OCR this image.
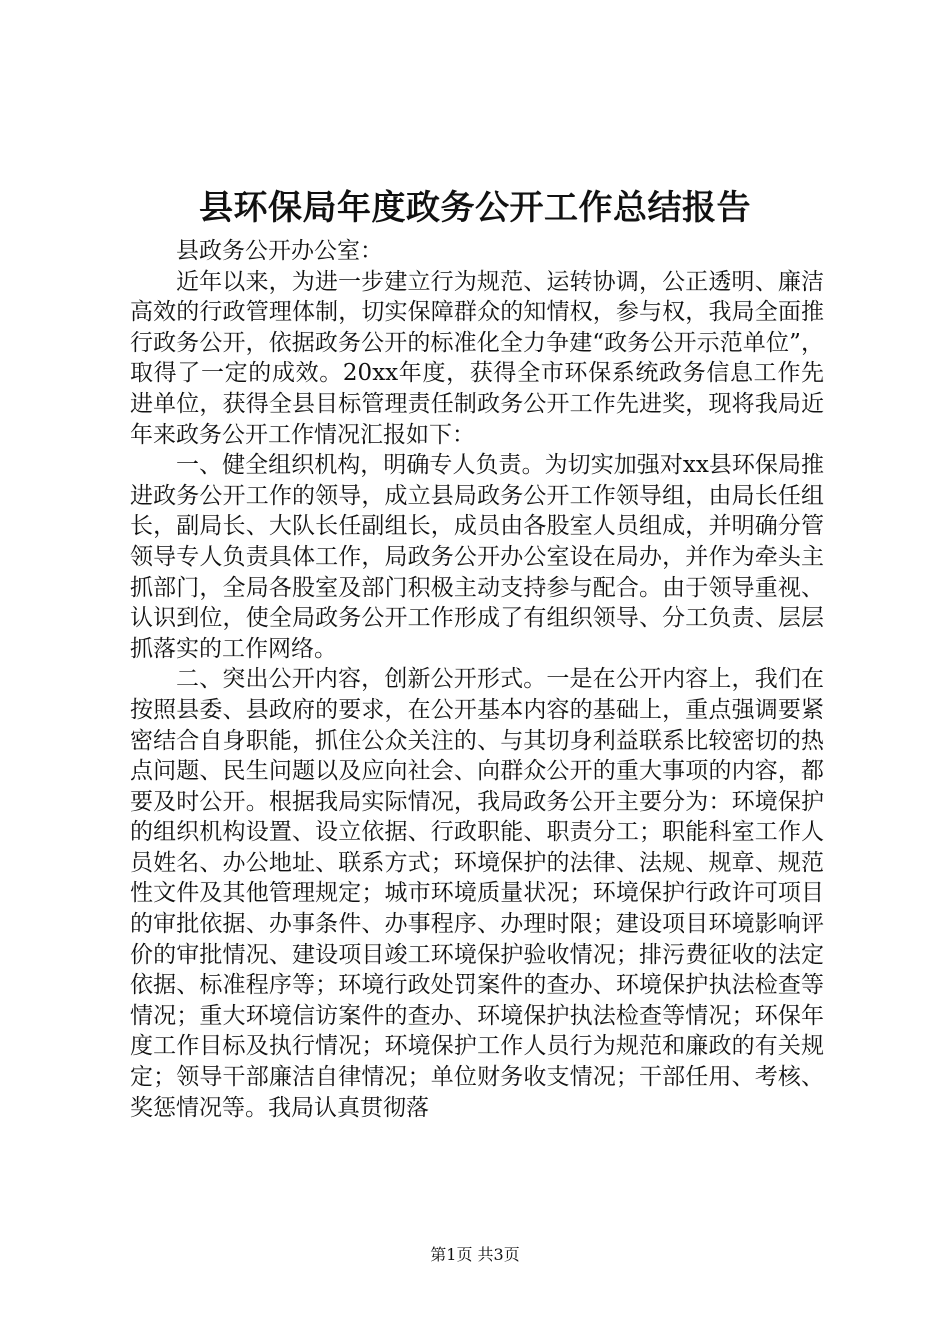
县环保局年度政务公开工作总结报告

县政务公开办公室：

近年以来，为进一步建立行为规范、运转协调，公正透明、廉洁高效的行政管理体制，切实保障群众的知情权，参与权，我局全面推行政务公开，依据政务公开的标准化全力争建“政务公开示范单位”，取得了一定的成效。20xx年度，获得全市环保系统政务信息工作先进单位，获得全县目标管理责任制政务公开工作先进奖，现将我局近年来政务公开工作情况汇报如下：

一、健全组织机构，明确专人负责。为切实加强对xx县环保局推进政务公开工作的领导，成立县局政务公开工作领导组，由局长任组长，副局长、大队长任副组长，成员由各股室人员组成，并明确分管领导专人负责具体工作，局政务公开办公室设在局办，并作为牵头主抓部门，全局各股室及部门积极主动支持参与配合。由于领导重视、认识到位，使全局政务公开工作形成了有组织领导、分工负责、层层抓落实的工作网络。

二、突出公开内容，创新公开形式。一是在公开内容上，我们在按照县委、县政府的要求，在公开基本内容的基础上，重点强调要紧密结合自身职能，抓住公众关注的、与其切身利益联系比较密切的热点问题、民生问题以及应向社会、向群众公开的重大事项的内容，都要及时公开。根据我局实际情况，我局政务公开主要分为：环境保护的组织机构设置、设立依据、行政职能、职责分工；职能科室工作人员姓名、办公地址、联系方式；环境保护的法律、法规、规章、规范性文件及其他管理规定；城市环境质量状况；环境保护行政许可项目的审批依据、办事条件、办事程序、办理时限；建设项目环境影响评价的审批情况、建设项目竣工环境保护验收情况；排污费征收的法定依据、标准程序等；环境行政处罚案件的查办、环境保护执法检查等情况；重大环境信访案件的查办、环境保护执法检查等情况；环保年度工作目标及执行情况；环境保护工作人员行为规范和廉政的有关规定；领导干部廉洁自律情况；单位财务收支情况；干部任用、考核、奖惩情况等。我局认真贯彻落

第1页 共3页
